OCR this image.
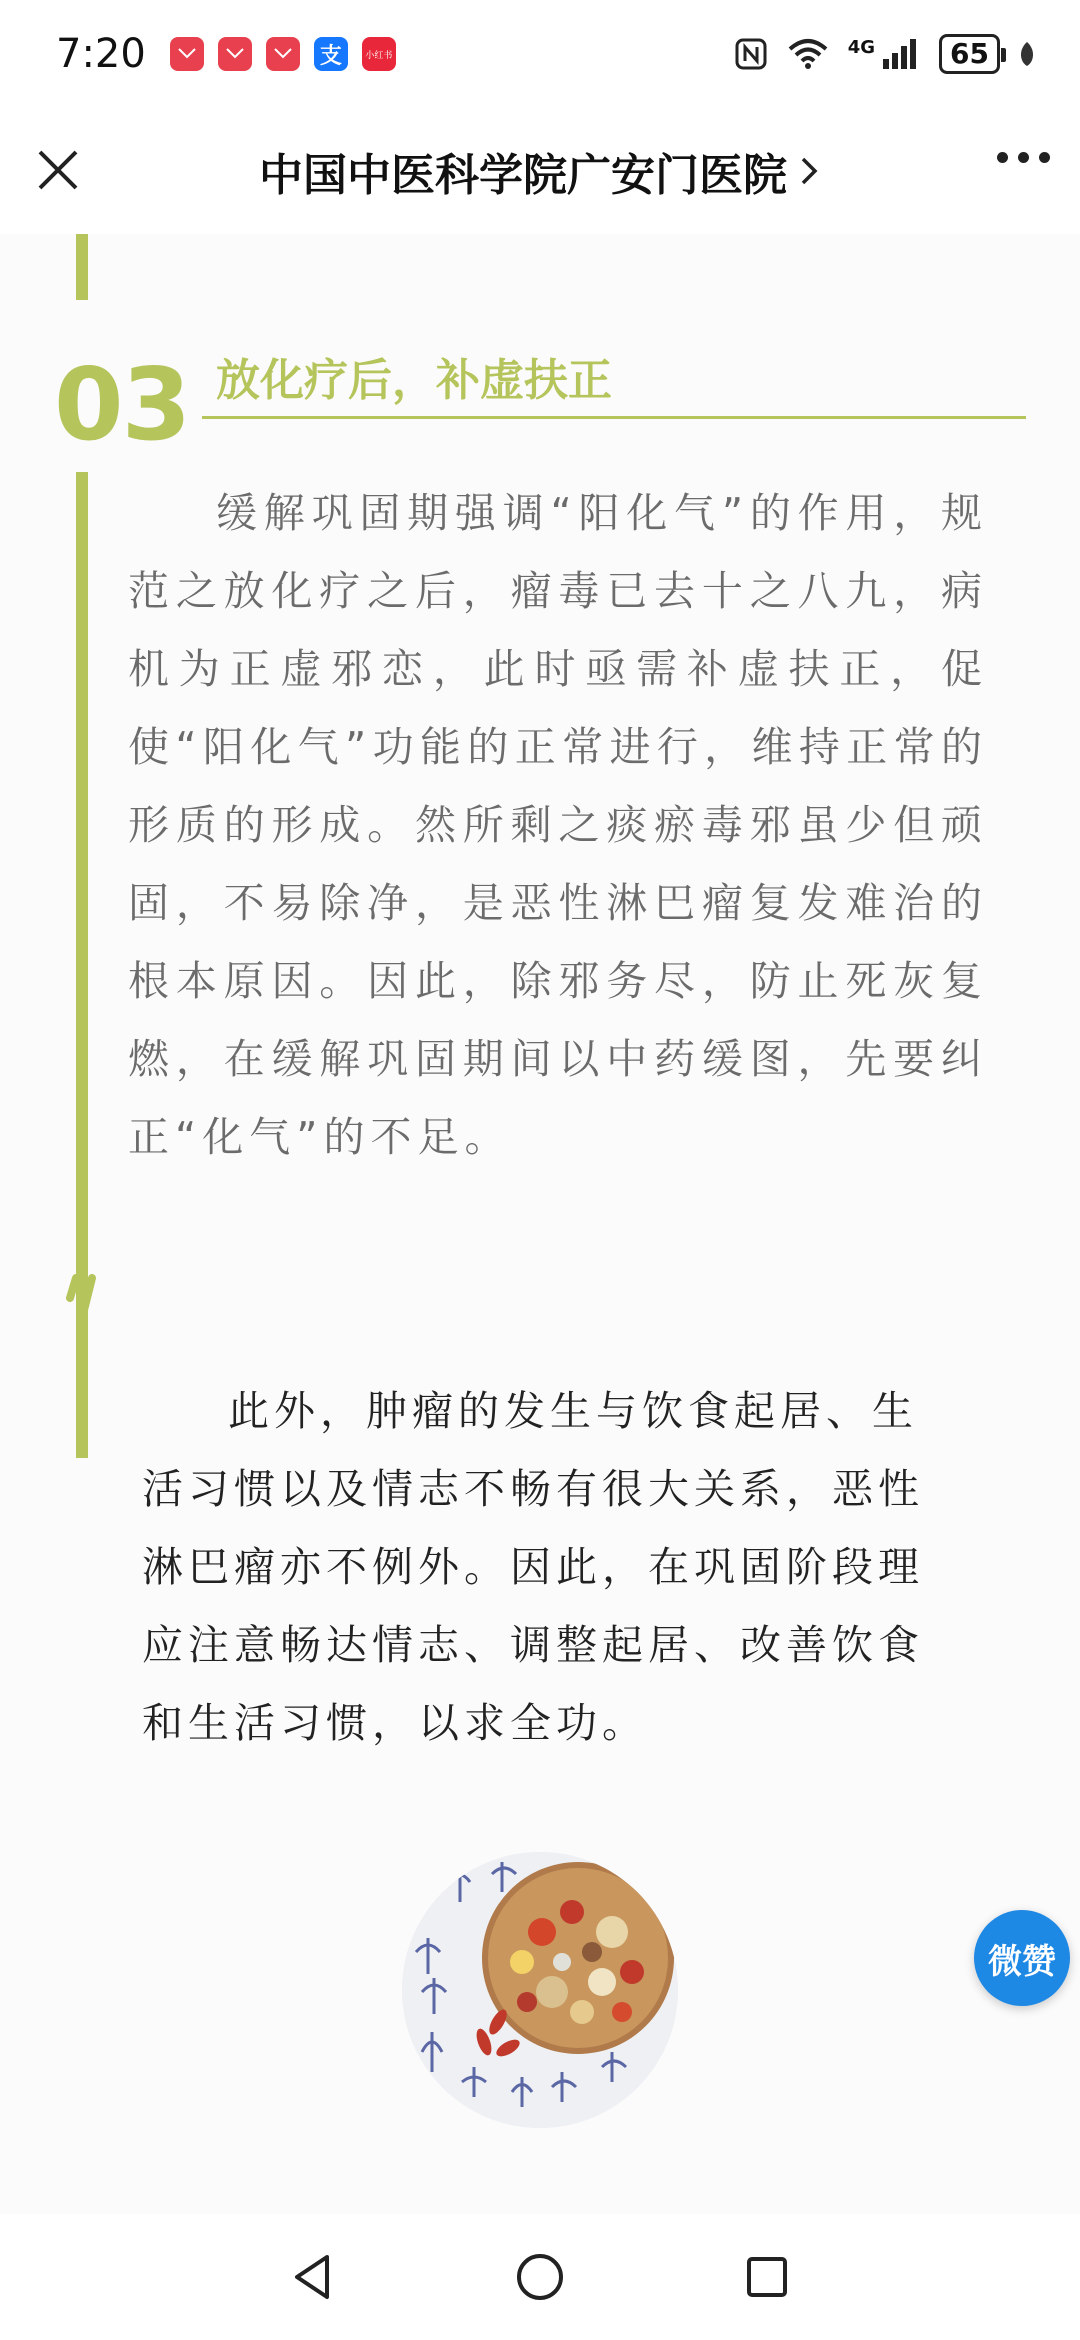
7:20	支	小红书	4G	65
中国中医科学院广安门医院
03 放化疗后，补虚扶正

缓解巩固期强调“阳化气”的作用，规范之放化疗之后，瘤毒已去十之八九，病机为正虚邪恋，此时亟需补虚扶正，促使“阳化气”功能的正常进行，维持正常的形质的形成。然所剩之痰瘀毒邪虽少但顽固，不易除净，是恶性淋巴瘤复发难治的根本原因。因此，除邪务尽，防止死灰复燃，在缓解巩固期间以中药缓图，先要纠正“化气”的不足。

此外，肿瘤的发生与饮食起居、生活习惯以及情志不畅有很大关系，恶性淋巴瘤亦不例外。因此，在巩固阶段理应注意畅达情志、调整起居、改善饮食和生活习惯，以求全功。

微赞
